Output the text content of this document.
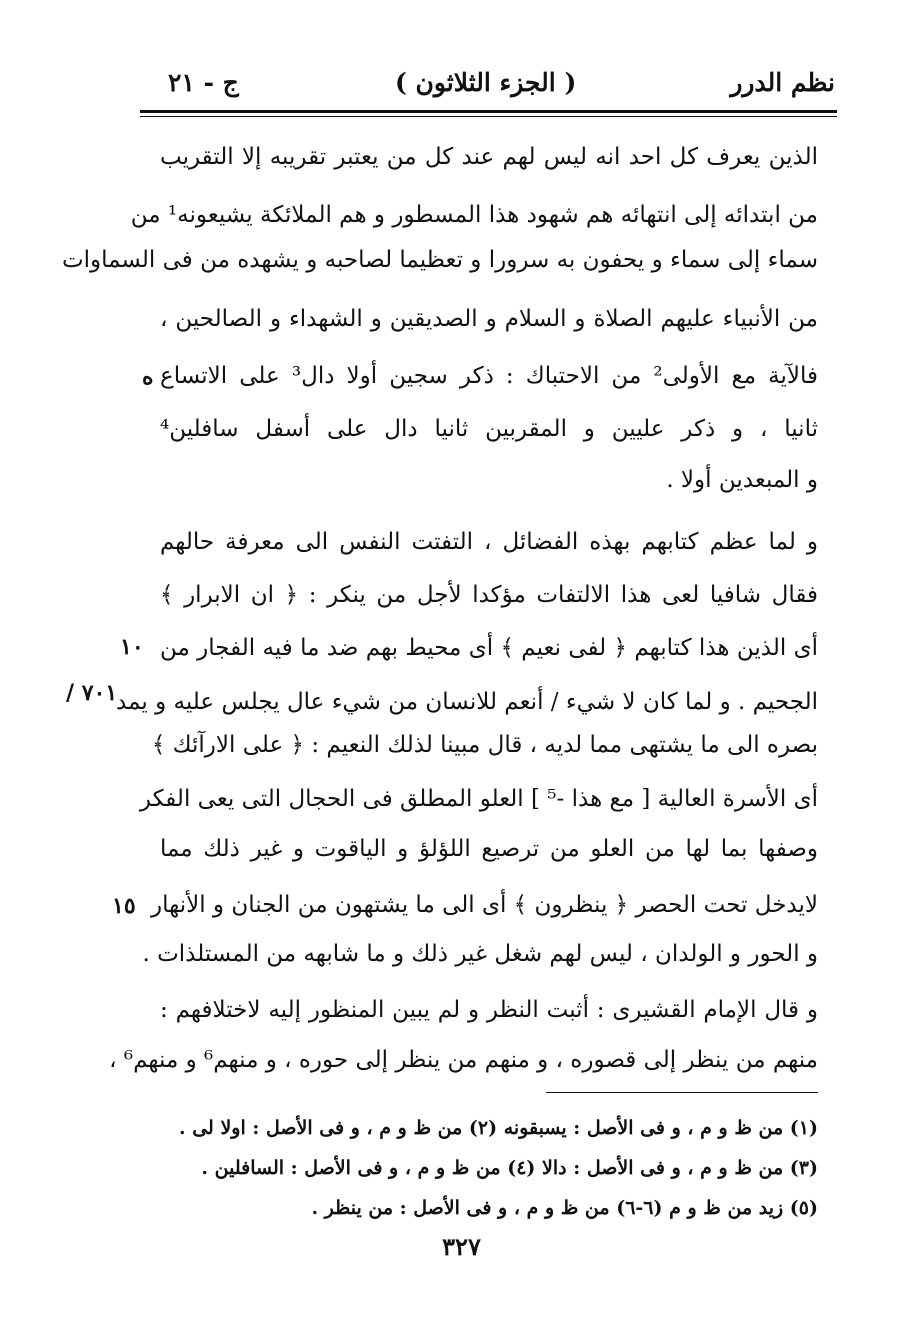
نظم الدرر
( الجزء الثلاثون )
ج - ٢١
الذين يعرف كل احد انه ليس لهم عند كل من يعتبر تقريبه إلا التقريب
من ابتدائه إلى انتهائه هم شهود هذا المسطور و هم الملائكة يشيعونه¹ من
سماء إلى سماء و يحفون به سرورا و تعظيما لصاحبه و يشهده من فى السماوات
من الأنبياء عليهم الصلاة و السلام و الصديقين و الشهداء و الصالحين ،
فالآية مع الأولى² من الاحتباك : ذكر سجين أولا دال³ على الاتساع
ثانيا ، و ذكر عليين و المقربين ثانيا دال على أسفل سافلين⁴
و المبعدين أولا .
و لما عظم كتابهم بهذه الفضائل ، التفتت النفس الى معرفة حالهم
فقال شافيا لعى هذا الالتفات مؤكدا لأجل من ينكر : ﴿ ان الابرار ﴾
أى الذين هذا كتابهم ﴿ لفى نعيم ﴾ أى محيط بهم ضد ما فيه الفجار من
الجحيم . و لما كان لا شيء / أنعم للانسان من شيء عال يجلس عليه و يمد
بصره الى ما يشتهى مما لديه ، قال مبينا لذلك النعيم : ﴿ على الارآئك ﴾
أى الأسرة العالية [ مع هذا -⁵ ] العلو المطلق فى الحجال التى يعى الفكر
وصفها بما لها من العلو من ترصيع اللؤلؤ و الياقوت و غير ذلك مما
لايدخل تحت الحصر ﴿ ينظرون ﴾ أى الى ما يشتهون من الجنان و الأنهار
و الحور و الولدان ، ليس لهم شغل غير ذلك و ما شابهه من المستلذات .
و قال الإمام القشيرى : أثبت النظر و لم يبين المنظور إليه لاختلافهم :
منهم من ينظر إلى قصوره ، و منهم من ينظر إلى حوره ، و منهم⁶ و منهم⁶ ،
ه
١٠
/ ٧٠١
١٥
(١) من ظ و م ، و فى الأصل : يسبقونه (٢) من ظ و م ، و فى الأصل : اولا لى .
(٣) من ظ و م ، و فى الأصل : دالا (٤) من ظ و م ، و فى الأصل : السافلين .
(٥) زيد من ظ و م (٦-٦) من ظ و م ، و فى الأصل : من ينظر .
٣٢٧
